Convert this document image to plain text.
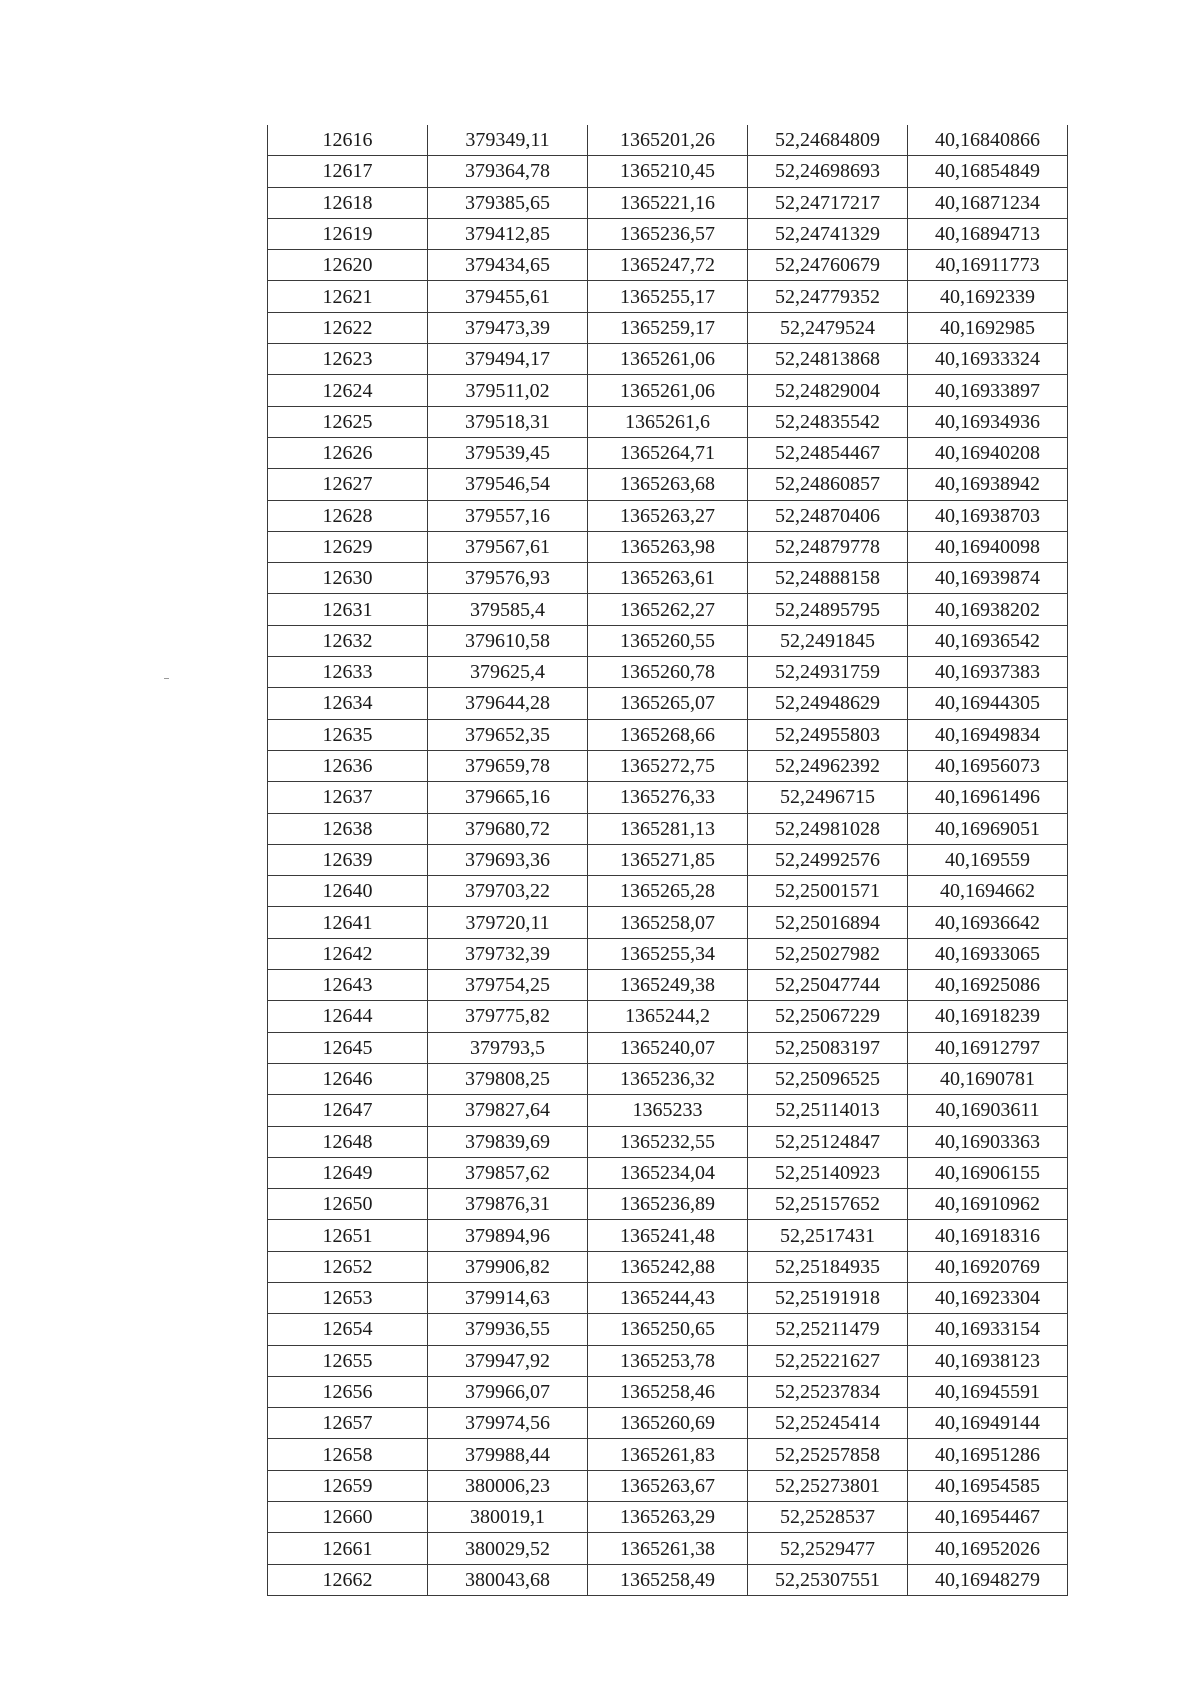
12616	379349,11	1365201,26	52,24684809	40,16840866
12617	379364,78	1365210,45	52,24698693	40,16854849
12618	379385,65	1365221,16	52,24717217	40,16871234
12619	379412,85	1365236,57	52,24741329	40,16894713
12620	379434,65	1365247,72	52,24760679	40,16911773
12621	379455,61	1365255,17	52,24779352	40,1692339
12622	379473,39	1365259,17	52,2479524	40,1692985
12623	379494,17	1365261,06	52,24813868	40,16933324
12624	379511,02	1365261,06	52,24829004	40,16933897
12625	379518,31	1365261,6	52,24835542	40,16934936
12626	379539,45	1365264,71	52,24854467	40,16940208
12627	379546,54	1365263,68	52,24860857	40,16938942
12628	379557,16	1365263,27	52,24870406	40,16938703
12629	379567,61	1365263,98	52,24879778	40,16940098
12630	379576,93	1365263,61	52,24888158	40,16939874
12631	379585,4	1365262,27	52,24895795	40,16938202
12632	379610,58	1365260,55	52,2491845	40,16936542
12633	379625,4	1365260,78	52,24931759	40,16937383
12634	379644,28	1365265,07	52,24948629	40,16944305
12635	379652,35	1365268,66	52,24955803	40,16949834
12636	379659,78	1365272,75	52,24962392	40,16956073
12637	379665,16	1365276,33	52,2496715	40,16961496
12638	379680,72	1365281,13	52,24981028	40,16969051
12639	379693,36	1365271,85	52,24992576	40,169559
12640	379703,22	1365265,28	52,25001571	40,1694662
12641	379720,11	1365258,07	52,25016894	40,16936642
12642	379732,39	1365255,34	52,25027982	40,16933065
12643	379754,25	1365249,38	52,25047744	40,16925086
12644	379775,82	1365244,2	52,25067229	40,16918239
12645	379793,5	1365240,07	52,25083197	40,16912797
12646	379808,25	1365236,32	52,25096525	40,1690781
12647	379827,64	1365233	52,25114013	40,16903611
12648	379839,69	1365232,55	52,25124847	40,16903363
12649	379857,62	1365234,04	52,25140923	40,16906155
12650	379876,31	1365236,89	52,25157652	40,16910962
12651	379894,96	1365241,48	52,2517431	40,16918316
12652	379906,82	1365242,88	52,25184935	40,16920769
12653	379914,63	1365244,43	52,25191918	40,16923304
12654	379936,55	1365250,65	52,25211479	40,16933154
12655	379947,92	1365253,78	52,25221627	40,16938123
12656	379966,07	1365258,46	52,25237834	40,16945591
12657	379974,56	1365260,69	52,25245414	40,16949144
12658	379988,44	1365261,83	52,25257858	40,16951286
12659	380006,23	1365263,67	52,25273801	40,16954585
12660	380019,1	1365263,29	52,2528537	40,16954467
12661	380029,52	1365261,38	52,2529477	40,16952026
12662	380043,68	1365258,49	52,25307551	40,16948279
